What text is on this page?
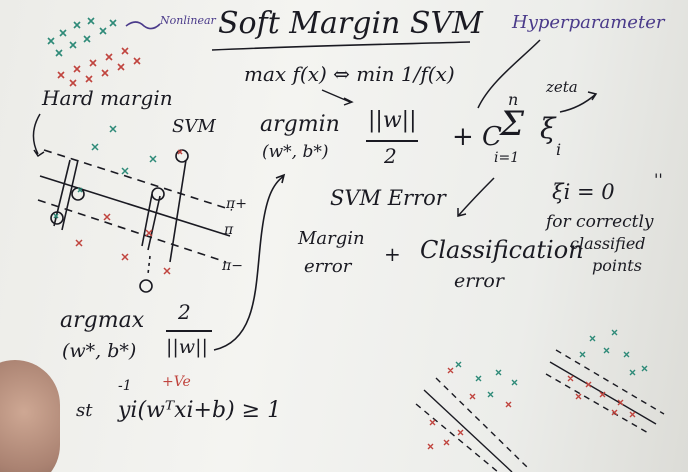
Soft Margin SVM Hyperparameter
Nonlinear
max f(x) ⇔ min 1/f(x)
Hard margin
SVM argmin
(w*, b*)
||w||
2
+ C
n
Σ
i=1
ξ
i
zeta
SVM Error	ξi = 0
''
for correctly
classified
points
Margin
error
+ Classification
error
π+
π
π−
argmax
(w*, b*)
2
||w||
-1 +Ve
st yi(wᵀxi+b) ≥ 1
